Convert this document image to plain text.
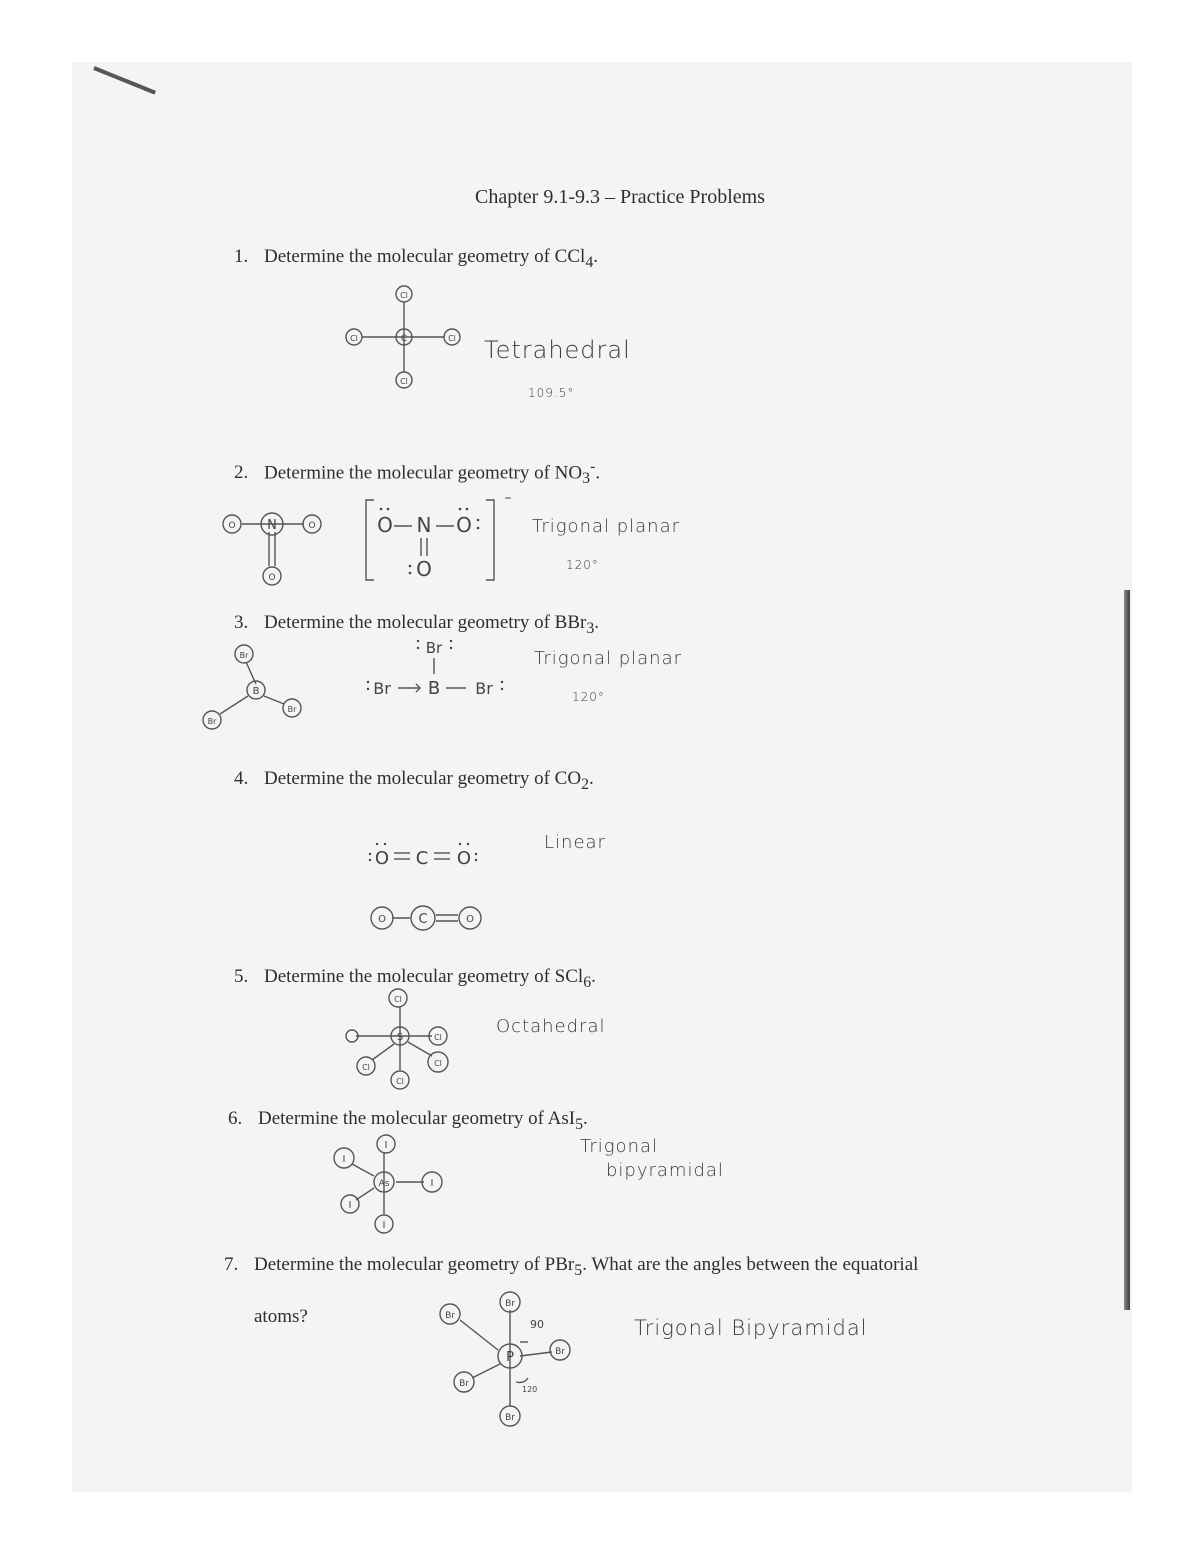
Chapter 9.1-9.3 – Practice Problems
1. Determine the molecular geometry of CCl$_4$.
C
Cl
Cl
Cl	Cl Tetrahedral
109.5°
2. Determine the molecular geometry of $NO_3^-$.
N
O	O
O
O N O
O
–
Trigonal planar
120°
3. Determine the molecular geometry of BBr$_3$.
B
Br
Br
Br
Br
Br B Br
Trigonal planar
120°
4. Determine the molecular geometry of $CO_2$.
O C O
O	C	O
Linear
5. Determine the molecular geometry of SCl$_6$.
S
Cl
Cl
Cl	Cl
Cl
Octahedral
6. Determine the molecular geometry of AsI$_5$.
As
I
I
I
I
I
Trigonal
bipyramidal
7. Determine the molecular geometry of PBr$_5$. What are the angles between the equatorial
atoms?
P
Br
Br
Br
Br
Br
90
120
Trigonal Bipyramidal
